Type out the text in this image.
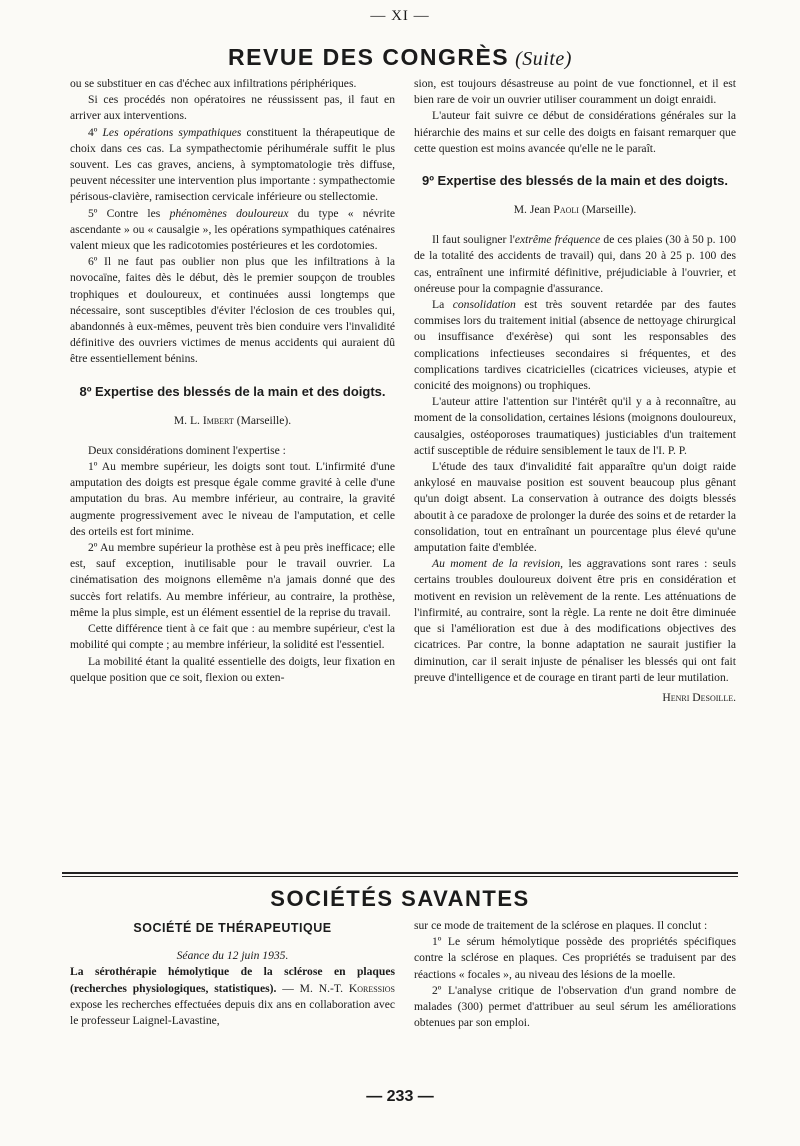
— XI —
REVUE DES CONGRÈS (Suite)

ou se substituer en cas d'échec aux infiltrations périphériques.

Si ces procédés non opératoires ne réussissent pas, il faut en arriver aux interventions.

4º Les opérations sympathiques constituent la thérapeutique de choix dans ces cas. La sympathectomie périhumérale suffit le plus souvent. Les cas graves, anciens, à symptomatologie très diffuse, peuvent nécessiter une intervention plus importante : sympathectomie périsous-clavière, ramisection cervicale inférieure ou stellectomie.

5º Contre les phénomènes douloureux du type « névrite ascendante » ou « causalgie », les opérations sympathiques caténaires valent mieux que les radicotomies postérieures et les cordotomies.

6º Il ne faut pas oublier non plus que les infiltrations à la novocaïne, faites dès le début, dès le premier soupçon de troubles trophiques et douloureux, et continuées aussi longtemps que nécessaire, sont susceptibles d'éviter l'éclosion de ces troubles qui, abandonnés à eux-mêmes, peuvent très bien conduire vers l'invalidité définitive des ouvriers victimes de menus accidents qui auraient dû être essentiellement bénins.

8º Expertise des blessés de la main et des doigts.

M. L. Imbert (Marseille).

Deux considérations dominent l'expertise :

1º Au membre supérieur, les doigts sont tout. L'infirmité d'une amputation des doigts est presque égale comme gravité à celle d'une amputation du bras. Au membre inférieur, au contraire, la gravité augmente progressivement avec le niveau de l'amputation, et celle des orteils est fort minime.

2º Au membre supérieur la prothèse est à peu près inefficace; elle est, sauf exception, inutilisable pour le travail ouvrier. La cinématisation des moignons ellemême n'a jamais donné que des succès fort relatifs. Au membre inférieur, au contraire, la prothèse, même la plus simple, est un élément essentiel de la reprise du travail.

Cette différence tient à ce fait que : au membre supérieur, c'est la mobilité qui compte ; au membre inférieur, la solidité est l'essentiel.

La mobilité étant la qualité essentielle des doigts, leur fixation en quelque position que ce soit, flexion ou exten-

sion, est toujours désastreuse au point de vue fonctionnel, et il est bien rare de voir un ouvrier utiliser couramment un doigt enraidi.

L'auteur fait suivre ce début de considérations générales sur la hiérarchie des mains et sur celle des doigts en faisant remarquer que cette question est moins avancée qu'elle ne le paraît.

9º Expertise des blessés de la main et des doigts.

M. Jean Paoli (Marseille).

Il faut souligner l'extrême fréquence de ces plaies (30 à 50 p. 100 de la totalité des accidents de travail) qui, dans 20 à 25 p. 100 des cas, entraînent une infirmité définitive, préjudiciable à l'ouvrier, et onéreuse pour la compagnie d'assurance.

La consolidation est très souvent retardée par des fautes commises lors du traitement initial (absence de nettoyage chirurgical ou insuffisance d'exérèse) qui sont les responsables des complications infectieuses secondaires si fréquentes, et des complications tardives cicatricielles (cicatrices vicieuses, atypie et conicité des moignons) ou trophiques.

L'auteur attire l'attention sur l'intérêt qu'il y a à reconnaître, au moment de la consolidation, certaines lésions (moignons douloureux, causalgies, ostéoporoses traumatiques) justiciables d'un traitement actif susceptible de réduire sensiblement le taux de l'I. P. P.

L'étude des taux d'invalidité fait apparaître qu'un doigt raide ankylosé en mauvaise position est souvent beaucoup plus gênant qu'un doigt absent. La conservation à outrance des doigts blessés aboutit à ce paradoxe de prolonger la durée des soins et de retarder la consolidation, tout en entraînant un pourcentage plus élevé qu'une amputation faite d'emblée.

Au moment de la revision, les aggravations sont rares : seuls certains troubles douloureux doivent être pris en considération et motivent en revision un relèvement de la rente. Les atténuations de l'infirmité, au contraire, sont la règle. La rente ne doit être diminuée que si l'amélioration est due à des modifications objectives des cicatrices. Par contre, la bonne adaptation ne saurait justifier la diminution, car il serait injuste de pénaliser les blessés qui ont fait preuve d'intelligence et de courage en tirant parti de leur mutilation.

Henri Desoille.

SOCIÉTÉS SAVANTES
SOCIÉTÉ DE THÉRAPEUTIQUE

Séance du 12 juin 1935.

La sérothérapie hémolytique de la sclérose en plaques (recherches physiologiques, statistiques). — M. N.-T. Koressios expose les recherches effectuées depuis dix ans en collaboration avec le professeur Laignel-Lavastine,

sur ce mode de traitement de la sclérose en plaques. Il conclut :

1º Le sérum hémolytique possède des propriétés spécifiques contre la sclérose en plaques. Ces propriétés se traduisent par des réactions « focales », au niveau des lésions de la moelle.

2º L'analyse critique de l'observation d'un grand nombre de malades (300) permet d'attribuer au seul sérum les améliorations obtenues par son emploi.

— 233 —
